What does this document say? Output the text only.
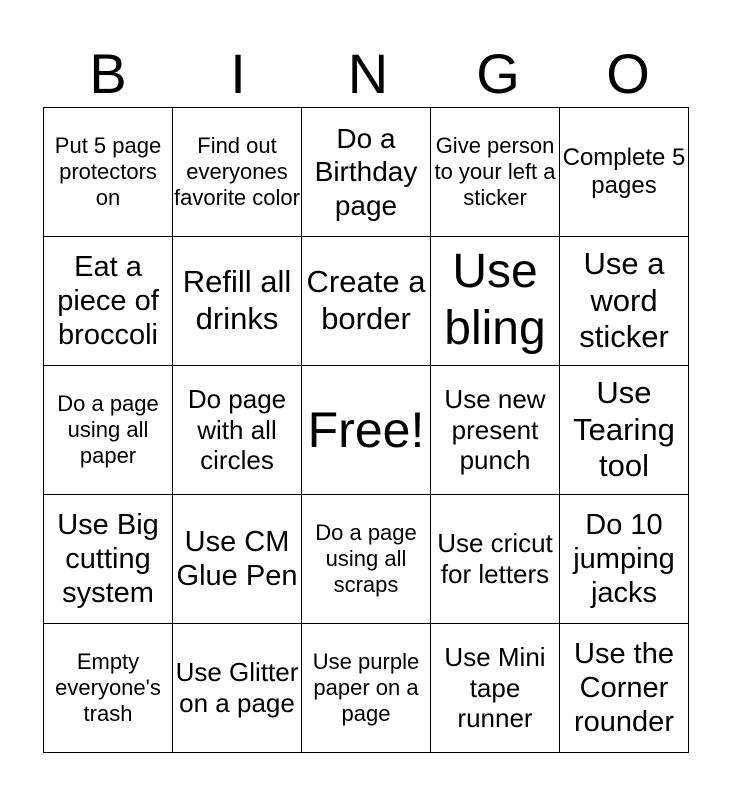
B	I	N	G	O
Put 5 page protectors on	Find out everyones favorite color	Do a Birthday page	Give person to your left a sticker	Complete 5 pages
Eat a piece of broccoli	Refill all drinks	Create a border	Use bling	Use a word sticker
Do a page using all paper	Do page with all circles	Free!	Use new present punch	Use Tearing tool
Use Big cutting system	Use CM Glue Pen	Do a page using all scraps	Use cricut for letters	Do 10 jumping jacks
Empty everyone's trash	Use Glitter on a page	Use purple paper on a page	Use Mini tape runner	Use the Corner rounder
